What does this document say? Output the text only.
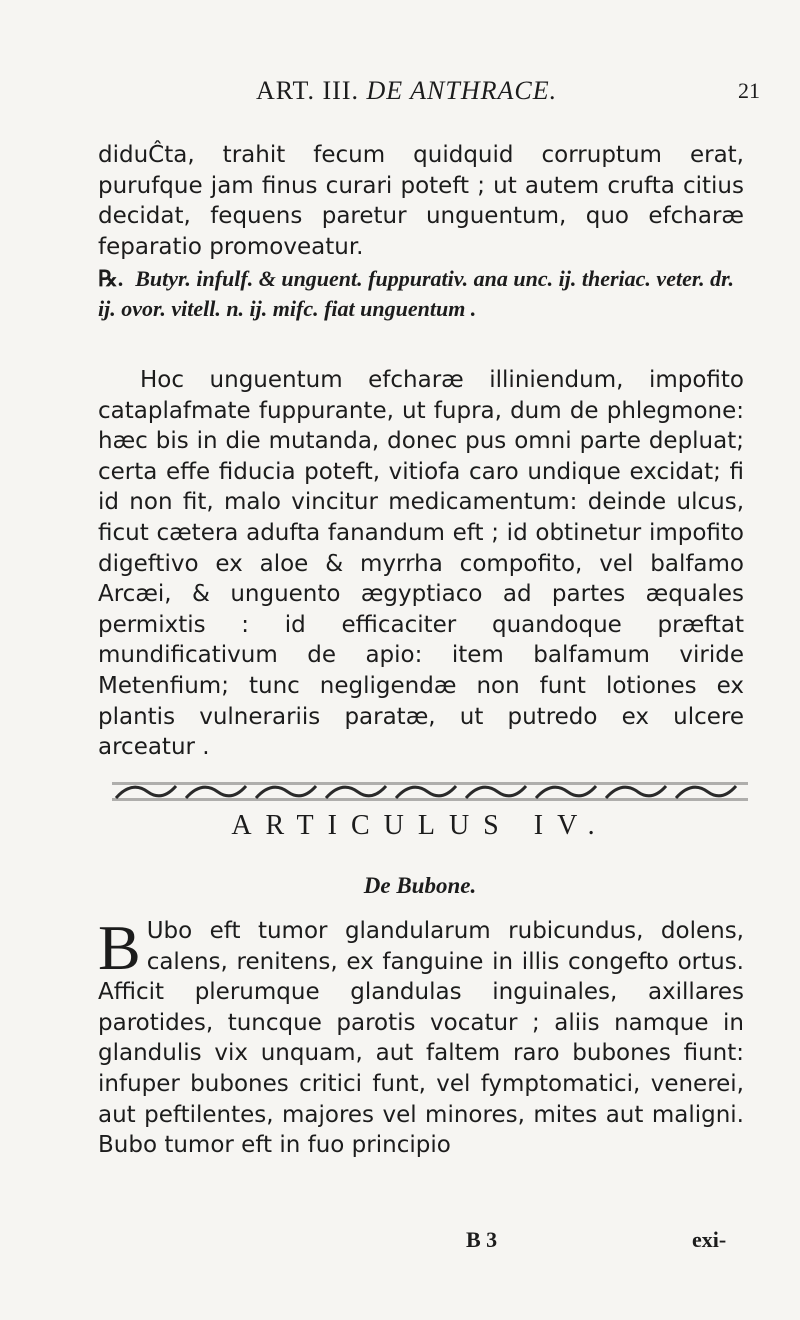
ART. III. DE ANTHRACE.	21

diduĈta, trahit fecum quidquid corruptum erat, purufque jam finus curari poteft ; ut autem crufta citius decidat, fequens paretur unguentum, quo efcharæ feparatio promoveatur.

℞. Butyr. infulf. & unguent. fuppurativ. ana unc. ij. theriac. veter. dr. ij. ovor. vitell. n. ij. mifc. fiat unguentum .

Hoc unguentum efcharæ illiniendum, impofito cataplafmate fuppurante, ut fupra, dum de phlegmone: hæc bis in die mutanda, donec pus omni parte depluat; certa effe fiducia poteft, vitiofa caro undique excidat; fi id non fit, malo vincitur medicamentum: deinde ulcus, ficut cætera adufta fanandum eft ; id obtinetur impofito digeftivo ex aloe & myrrha compofito, vel balfamo Arcæi, & unguento ægyptiaco ad partes æquales permixtis : id efficaciter quandoque præftat mundificativum de apio: item balfamum viride Metenfium; tunc negligendæ non funt lotiones ex plantis vulnerariis paratæ, ut putredo ex ulcere arceatur .

ARTICULUS IV.
De Bubone.
B Ubo eft tumor glandularum rubicundus, dolens, calens, renitens, ex fanguine in illis congefto ortus. Afficit plerumque glandulas inguinales, axillares parotides, tuncque parotis vocatur ; aliis namque in glandulis vix unquam, aut faltem raro bubones fiunt: infuper bubones critici funt, vel fymptomatici, venerei, aut peftilentes, majores vel minores, mites aut maligni. Bubo tumor eft in fuo principio

B 3	exi-
